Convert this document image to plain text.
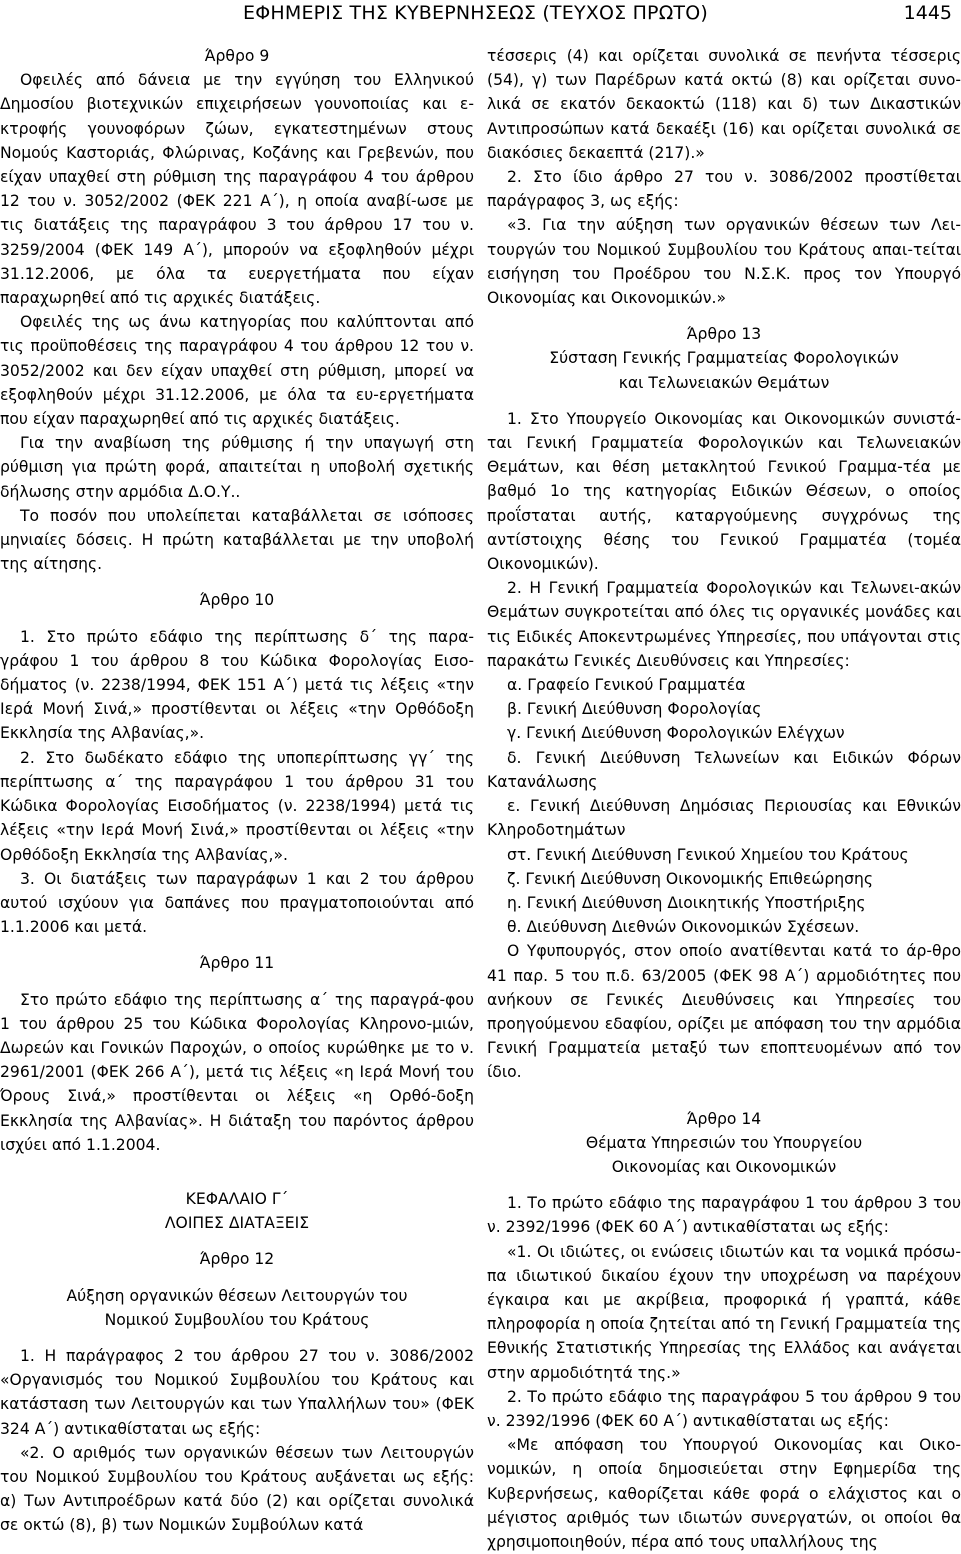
ΕΦΗΜΕΡΙΣ ΤΗΣ ΚΥΒΕΡΝΗΣΕΩΣ (ΤΕΥΧΟΣ ΠΡΩΤΟ)	1445

Άρθρο 9

Οφειλές από δάνεια με την εγγύηση του Ελληνικού Δημοσίου βιοτεχνικών επιχειρήσεων γουνοποιίας και ε-κτροφής γουνοφόρων ζώων, εγκατεστημένων στους Νομούς Καστοριάς, Φλώρινας, Κοζάνης και Γρεβενών, που είχαν υπαχθεί στη ρύθμιση της παραγράφου 4 του άρθρου 12 του ν. 3052/2002 (ΦΕΚ 221 Α΄), η οποία αναβί-ωσε με τις διατάξεις της παραγράφου 3 του άρθρου 17 του ν. 3259/2004 (ΦΕΚ 149 Α΄), μπορούν να εξοφληθούν μέχρι 31.12.2006, με όλα τα ευεργετήματα που είχαν παραχωρηθεί από τις αρχικές διατάξεις.

Οφειλές της ως άνω κατηγορίας που καλύπτονται από τις προϋποθέσεις της παραγράφου 4 του άρθρου 12 του ν. 3052/2002 και δεν είχαν υπαχθεί στη ρύθμιση, μπορεί να εξοφληθούν μέχρι 31.12.2006, με όλα τα ευ-εργετήματα που είχαν παραχωρηθεί από τις αρχικές διατάξεις.

Για την αναβίωση της ρύθμισης ή την υπαγωγή στη ρύθμιση για πρώτη φορά, απαιτείται η υποβολή σχετικής δήλωσης στην αρμόδια Δ.Ο.Υ..

Το ποσόν που υπολείπεται καταβάλλεται σε ισόποσες μηνιαίες δόσεις. Η πρώτη καταβάλλεται με την υποβολή της αίτησης.

Άρθρο 10

1. Στο πρώτο εδάφιο της περίπτωσης δ΄ της παρα-γράφου 1 του άρθρου 8 του Κώδικα Φορολογίας Εισο-δήματος (ν. 2238/1994, ΦΕΚ 151 Α΄) μετά τις λέξεις «την Ιερά Μονή Σινά,» προστίθενται οι λέξεις «την Ορθόδοξη Εκκλησία της Αλβανίας,».

2. Στο δωδέκατο εδάφιο της υποπερίπτωσης γγ΄ της περίπτωσης α΄ της παραγράφου 1 του άρθρου 31 του Κώδικα Φορολογίας Εισοδήματος (ν. 2238/1994) μετά τις λέξεις «την Ιερά Μονή Σινά,» προστίθενται οι λέξεις «την Ορθόδοξη Εκκλησία της Αλβανίας,».

3. Οι διατάξεις των παραγράφων 1 και 2 του άρθρου αυτού ισχύουν για δαπάνες που πραγματοποιούνται από 1.1.2006 και μετά.

Άρθρο 11

Στο πρώτο εδάφιο της περίπτωσης α΄ της παραγρά-φου 1 του άρθρου 25 του Κώδικα Φορολογίας Κληρονο-μιών, Δωρεών και Γονικών Παροχών, ο οποίος κυρώθηκε με το ν. 2961/2001 (ΦΕΚ 266 Α΄), μετά τις λέξεις «η Ιερά Μονή του Όρους Σινά,» προστίθενται οι λέξεις «η Ορθό-δοξη Εκκλησία της Αλβανίας». Η διάταξη του παρόντος άρθρου ισχύει από 1.1.2004.

ΚΕΦΑΛΑΙΟ Γ΄

ΛΟΙΠΕΣ ΔΙΑΤΑΞΕΙΣ

Άρθρο 12

Αύξηση οργανικών θέσεων Λειτουργών του

Νομικού Συμβουλίου του Κράτους

1. Η παράγραφος 2 του άρθρου 27 του ν. 3086/2002 «Οργανισμός του Νομικού Συμβουλίου του Κράτους και κατάσταση των Λειτουργών και των Υπαλλήλων του» (ΦΕΚ 324 Α΄) αντικαθίσταται ως εξής:

«2. Ο αριθμός των οργανικών θέσεων των Λειτουργών του Νομικού Συμβουλίου του Κράτους αυξάνεται ως εξής: α) Των Αντιπροέδρων κατά δύο (2) και ορίζεται συνολικά σε οκτώ (8), β) των Νομικών Συμβούλων κατά

τέσσερις (4) και ορίζεται συνολικά σε πενήντα τέσσερις (54), γ) των Παρέδρων κατά οκτώ (8) και ορίζεται συνο-λικά σε εκατόν δεκαοκτώ (118) και δ) των Δικαστικών Αντιπροσώπων κατά δεκαέξι (16) και ορίζεται συνολικά σε διακόσιες δεκαεπτά (217).»

2. Στο ίδιο άρθρο 27 του ν. 3086/2002 προστίθεται παράγραφος 3, ως εξής:

«3. Για την αύξηση των οργανικών θέσεων των Λει-τουργών του Νομικού Συμβουλίου του Κράτους απαι-τείται εισήγηση του Προέδρου του Ν.Σ.Κ. προς τον Υπουργό Οικονομίας και Οικονομικών.»

Άρθρο 13

Σύσταση Γενικής Γραμματείας Φορολογικών

και Τελωνειακών Θεμάτων

1. Στο Υπουργείο Οικονομίας και Οικονομικών συνιστά-ται Γενική Γραμματεία Φορολογικών και Τελωνειακών Θεμάτων, και θέση μετακλητού Γενικού Γραμμα-τέα με βαθμό 1ο της κατηγορίας Ειδικών Θέσεων, ο οποίος προΐσταται αυτής, καταργούμενης συγχρόνως της αντίστοιχης θέσης του Γενικού Γραμματέα (τομέα Οικονομικών).

2. Η Γενική Γραμματεία Φορολογικών και Τελωνει-ακών Θεμάτων συγκροτείται από όλες τις οργανικές μονάδες και τις Ειδικές Αποκεντρωμένες Υπηρεσίες, που υπάγονται στις παρακάτω Γενικές Διευθύνσεις και Υπηρεσίες:

α. Γραφείο Γενικού Γραμματέα

β. Γενική Διεύθυνση Φορολογίας

γ. Γενική Διεύθυνση Φορολογικών Ελέγχων

δ. Γενική Διεύθυνση Τελωνείων και Ειδικών Φόρων Κατανάλωσης

ε. Γενική Διεύθυνση Δημόσιας Περιουσίας και Εθνικών Κληροδοτημάτων

στ. Γενική Διεύθυνση Γενικού Χημείου του Κράτους

ζ. Γενική Διεύθυνση Οικονομικής Επιθεώρησης

η. Γενική Διεύθυνση Διοικητικής Υποστήριξης

θ. Διεύθυνση Διεθνών Οικονομικών Σχέσεων.

Ο Υφυπουργός, στον οποίο ανατίθενται κατά το άρ-θρο 41 παρ. 5 του π.δ. 63/2005 (ΦΕΚ 98 Α΄) αρμοδιότητες που ανήκουν σε Γενικές Διευθύνσεις και Υπηρεσίες του προηγούμενου εδαφίου, ορίζει με απόφαση του την αρμόδια Γενική Γραμματεία μεταξύ των εποπτευομένων από τον ίδιο.

Άρθρο 14

Θέματα Υπηρεσιών του Υπουργείου

Οικονομίας και Οικονομικών

1. Το πρώτο εδάφιο της παραγράφου 1 του άρθρου 3 του ν. 2392/1996 (ΦΕΚ 60 Α΄) αντικαθίσταται ως εξής:

«1. Οι ιδιώτες, οι ενώσεις ιδιωτών και τα νομικά πρόσω-πα ιδιωτικού δικαίου έχουν την υποχρέωση να παρέχουν έγκαιρα και με ακρίβεια, προφορικά ή γραπτά, κάθε πληροφορία η οποία ζητείται από τη Γενική Γραμματεία της Εθνικής Στατιστικής Υπηρεσίας της Ελλάδος και ανάγεται στην αρμοδιότητά της.»

2. Το πρώτο εδάφιο της παραγράφου 5 του άρθρου 9 του ν. 2392/1996 (ΦΕΚ 60 Α΄) αντικαθίσταται ως εξής:

«Με απόφαση του Υπουργού Οικονομίας και Οικο-νομικών, η οποία δημοσιεύεται στην Εφημερίδα της Κυβερνήσεως, καθορίζεται κάθε φορά ο ελάχιστος και ο μέγιστος αριθμός των ιδιωτών συνεργατών, οι οποίοι θα χρησιμοποιηθούν, πέρα από τους υπαλλήλους της
